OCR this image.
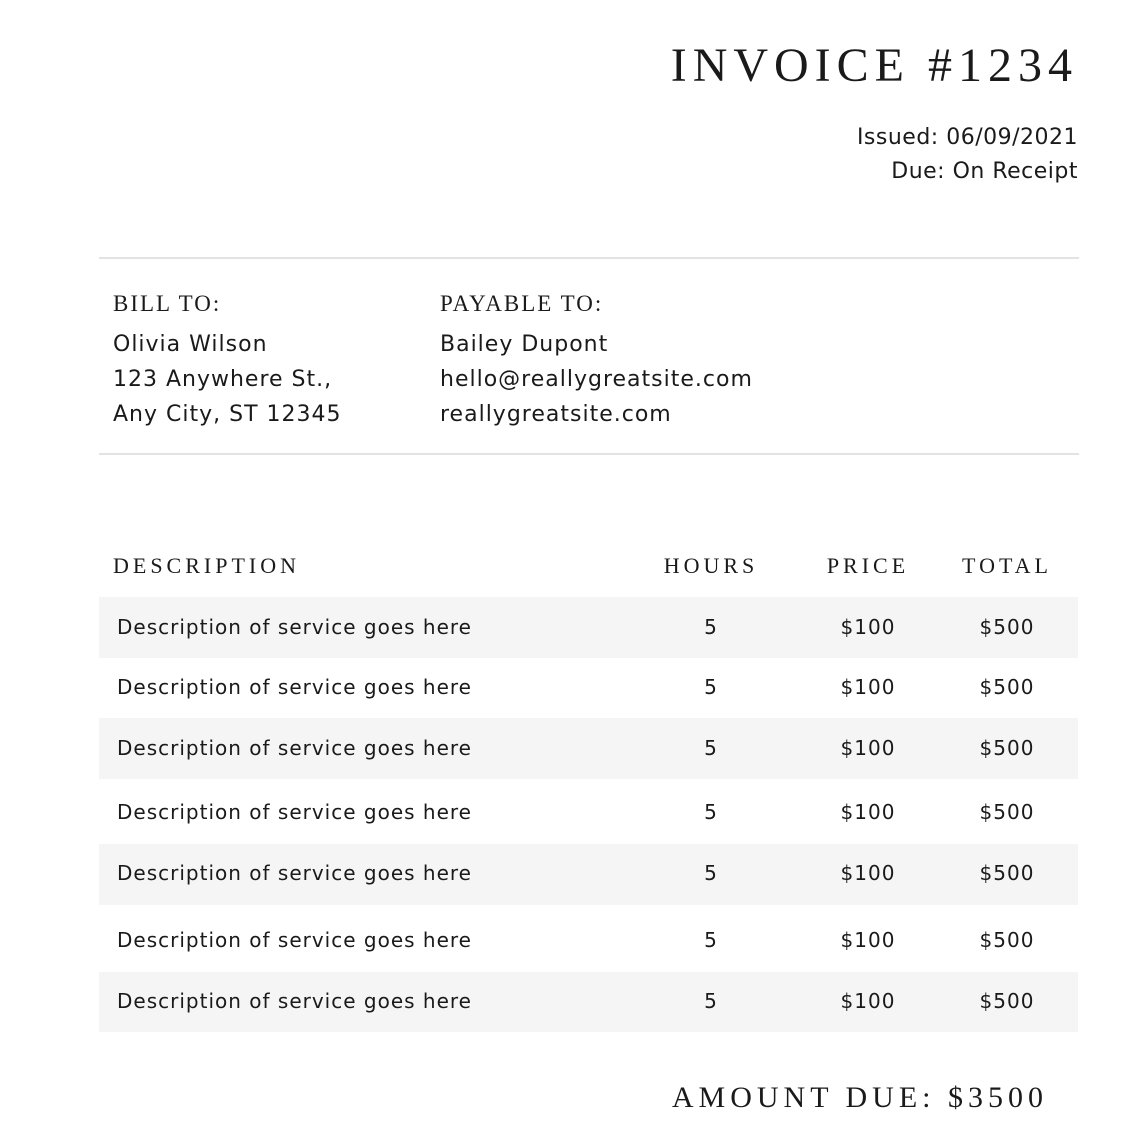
INVOICE #1234
Issued: 06/09/2021
Due: On Receipt
BILL TO:
Olivia Wilson
123 Anywhere St.,
Any City, ST 12345
PAYABLE TO:
Bailey Dupont
hello@reallygreatsite.com
reallygreatsite.com
DESCRIPTION	HOURS	PRICE	TOTAL
Description of service goes here	5	$100	$500
Description of service goes here	5	$100	$500
Description of service goes here	5	$100	$500
Description of service goes here	5	$100	$500
Description of service goes here	5	$100	$500
Description of service goes here	5	$100	$500
Description of service goes here	5	$100	$500
AMOUNT DUE: $3500
